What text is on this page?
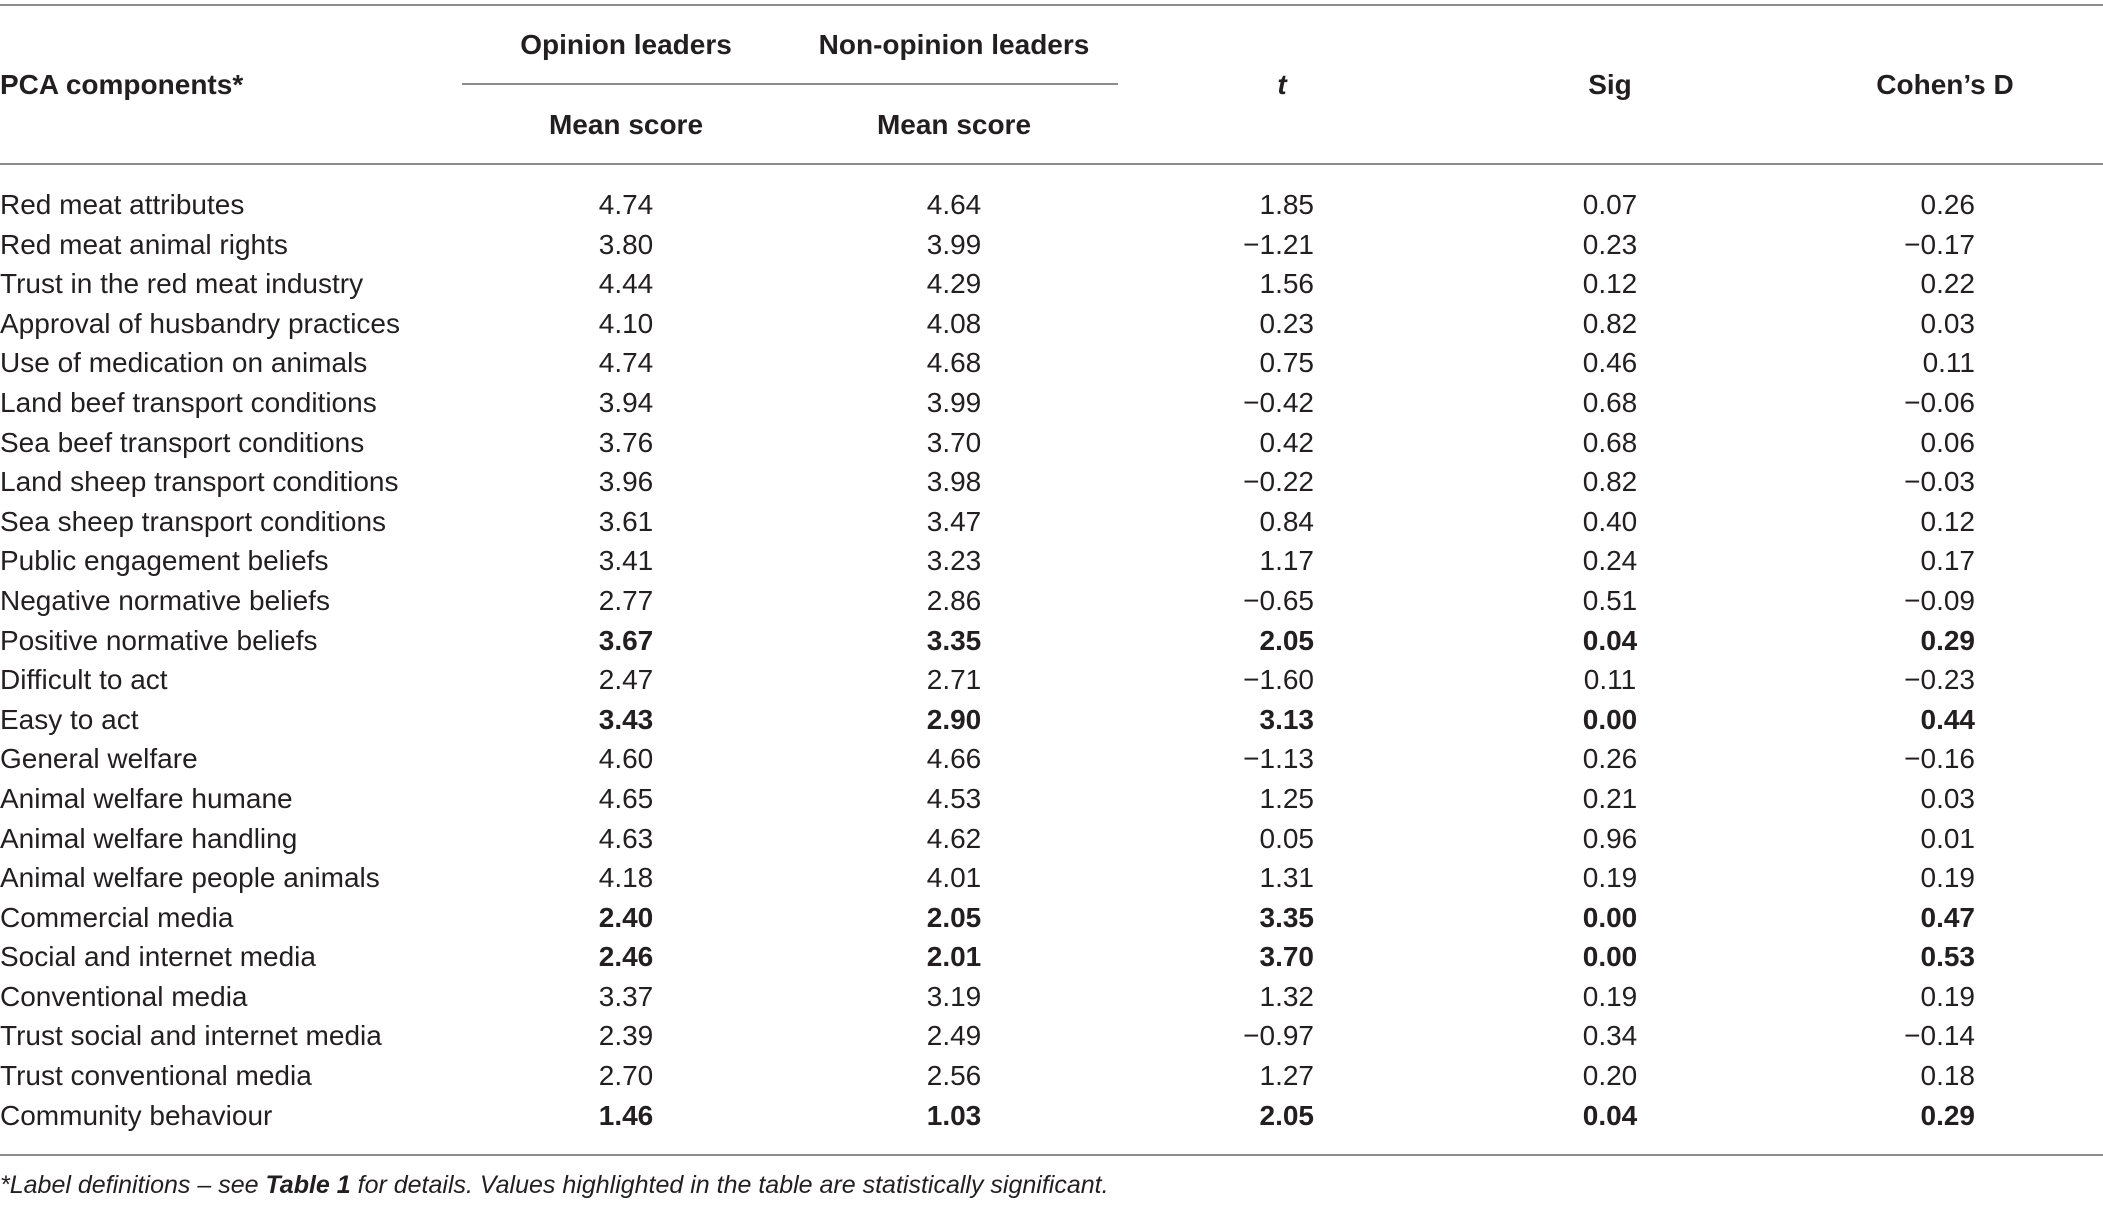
PCA components*
Opinion leaders	Non-opinion leaders
Mean score	Mean score
t	Sig	Cohen’s D
Red meat attributes	4.74	4.64	1.85	0.07	0.26
Red meat animal rights	3.80	3.99	−1.21	0.23	−0.17
Trust in the red meat industry	4.44	4.29	1.56	0.12	0.22
Approval of husbandry practices	4.10	4.08	0.23	0.82	0.03
Use of medication on animals	4.74	4.68	0.75	0.46	0.11
Land beef transport conditions	3.94	3.99	−0.42	0.68	−0.06
Sea beef transport conditions	3.76	3.70	0.42	0.68	0.06
Land sheep transport conditions	3.96	3.98	−0.22	0.82	−0.03
Sea sheep transport conditions	3.61	3.47	0.84	0.40	0.12
Public engagement beliefs	3.41	3.23	1.17	0.24	0.17
Negative normative beliefs	2.77	2.86	−0.65	0.51	−0.09
Positive normative beliefs	3.67	3.35	2.05	0.04	0.29
Difficult to act	2.47	2.71	−1.60	0.11	−0.23
Easy to act	3.43	2.90	3.13	0.00	0.44
General welfare	4.60	4.66	−1.13	0.26	−0.16
Animal welfare humane	4.65	4.53	1.25	0.21	0.03
Animal welfare handling	4.63	4.62	0.05	0.96	0.01
Animal welfare people animals	4.18	4.01	1.31	0.19	0.19
Commercial media	2.40	2.05	3.35	0.00	0.47
Social and internet media	2.46	2.01	3.70	0.00	0.53
Conventional media	3.37	3.19	1.32	0.19	0.19
Trust social and internet media	2.39	2.49	−0.97	0.34	−0.14
Trust conventional media	2.70	2.56	1.27	0.20	0.18
Community behaviour	1.46	1.03	2.05	0.04	0.29
*Label definitions – see Table 1 for details. Values highlighted in the table are statistically significant.
